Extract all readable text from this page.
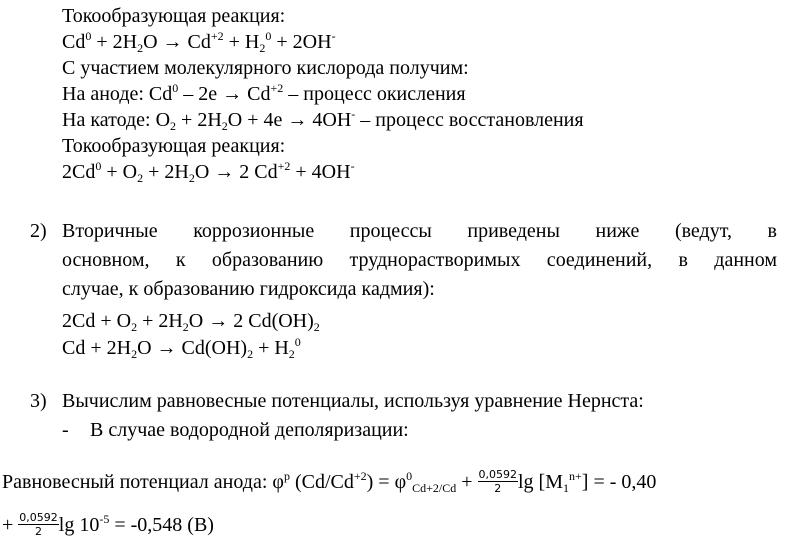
Токообразующая реакция:
$Cd^0 + 2H_2O \to Cd^{+2} + H_2^0 + 2OH^-$
С участием молекулярного кислорода получим:
На аноде: $Cd^0 - 2e \to Cd^{+2}$ – процесс окисления
На катоде: $O_2 + 2H_2O + 4e \to 4OH^-$ – процесс восстановления
Токообразующая реакция:
$2Cd^0 + O_2 + 2H_2O \to 2$ $Cd^{+2} + 4OH^-$
2) Вторичные коррозионные процессы приведены ниже (ведут, в
основном, к образованию труднорастворимых соединений, в данном
случае, к образованию гидроксида кадмия):
$2Cd + O_2 + 2H_2O \to 2$ $Cd(OH)_2$
$Cd + 2H_2O \to Cd(OH)_2 + H_2^0$
3) Вычислим равновесные потенциалы, используя уравнение Нернста:
- В случае водородной деполяризации:
Равновесный потенциал анода: $\varphi^р$ $(Cd/Cd^{+2}) = \varphi^0_{Cd+2/Cd} + \frac{0,0592}{2}$ $\lg [M_1^{n+}]$ = - 0,40
+ $\frac{0,0592}{2}$ $\lg 10^{-5} = -0,548$ (В)
